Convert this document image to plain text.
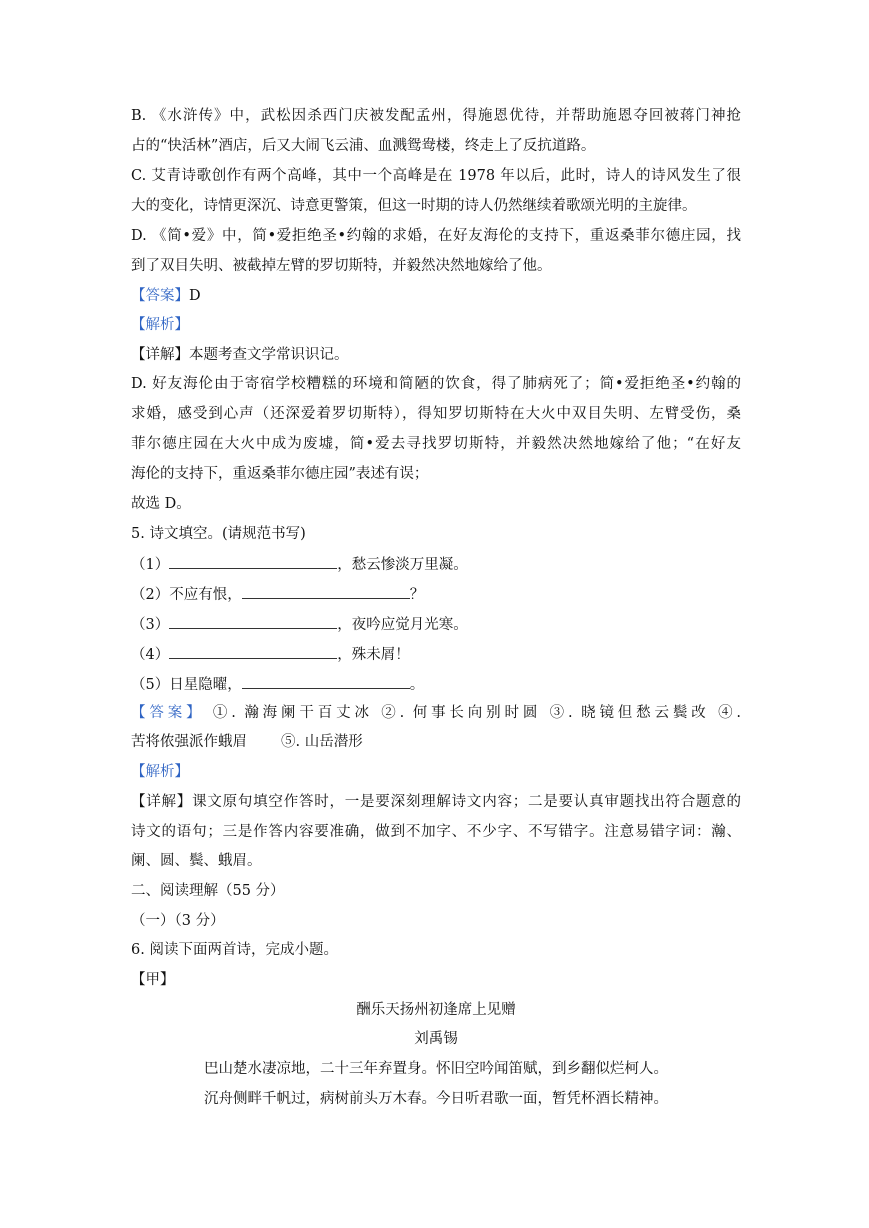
B. 《水浒传》中，武松因杀西门庆被发配孟州，得施恩优待，并帮助施恩夺回被蒋门神抢
占的“快活林”酒店，后又大闹飞云浦、血溅鸳鸯楼，终走上了反抗道路。
C. 艾青诗歌创作有两个高峰，其中一个高峰是在 1978 年以后，此时，诗人的诗风发生了很
大的变化，诗情更深沉、诗意更警策，但这一时期的诗人仍然继续着歌颂光明的主旋律。
D. 《简•爱》中，简•爱拒绝圣•约翰的求婚，在好友海伦的支持下，重返桑菲尔德庄园，找
到了双目失明、被截掉左臂的罗切斯特，并毅然决然地嫁给了他。
【答案】D
【解析】
【详解】本题考查文学常识识记。
D. 好友海伦由于寄宿学校糟糕的环境和简陋的饮食，得了肺病死了；简•爱拒绝圣•约翰的
求婚，感受到心声（还深爱着罗切斯特），得知罗切斯特在大火中双目失明、左臂受伤，桑
菲尔德庄园在大火中成为废墟，简•爱去寻找罗切斯特，并毅然决然地嫁给了他；“在好友
海伦的支持下，重返桑菲尔德庄园”表述有误；
故选 D。
5. 诗文填空。(请规范书写)
（1）	，愁云惨淡万里凝。
（2）不应有恨，	？
（3）	，夜吟应觉月光寒。
（4）	，殊未屑！
（5）日星隐曜，	。
【答案】 ①. 瀚海阑干百丈冰 ②. 何事长向别时圆 ③. 晓镜但愁云鬓改 ④.
苦将侬强派作蛾眉 ⑤. 山岳潜形
【解析】
【详解】课文原句填空作答时，一是要深刻理解诗文内容；二是要认真审题找出符合题意的
诗文的语句；三是作答内容要准确，做到不加字、不少字、不写错字。注意易错字词：瀚、
阑、圆、鬓、蛾眉。
二、阅读理解（55 分）
（一）（3 分）
6. 阅读下面两首诗，完成小题。
【甲】
酬乐天扬州初逢席上见赠
刘禹锡
巴山楚水凄凉地，二十三年弃置身。怀旧空吟闻笛赋，到乡翻似烂柯人。
沉舟侧畔千帆过，病树前头万木春。今日听君歌一面，暂凭杯酒长精神。
